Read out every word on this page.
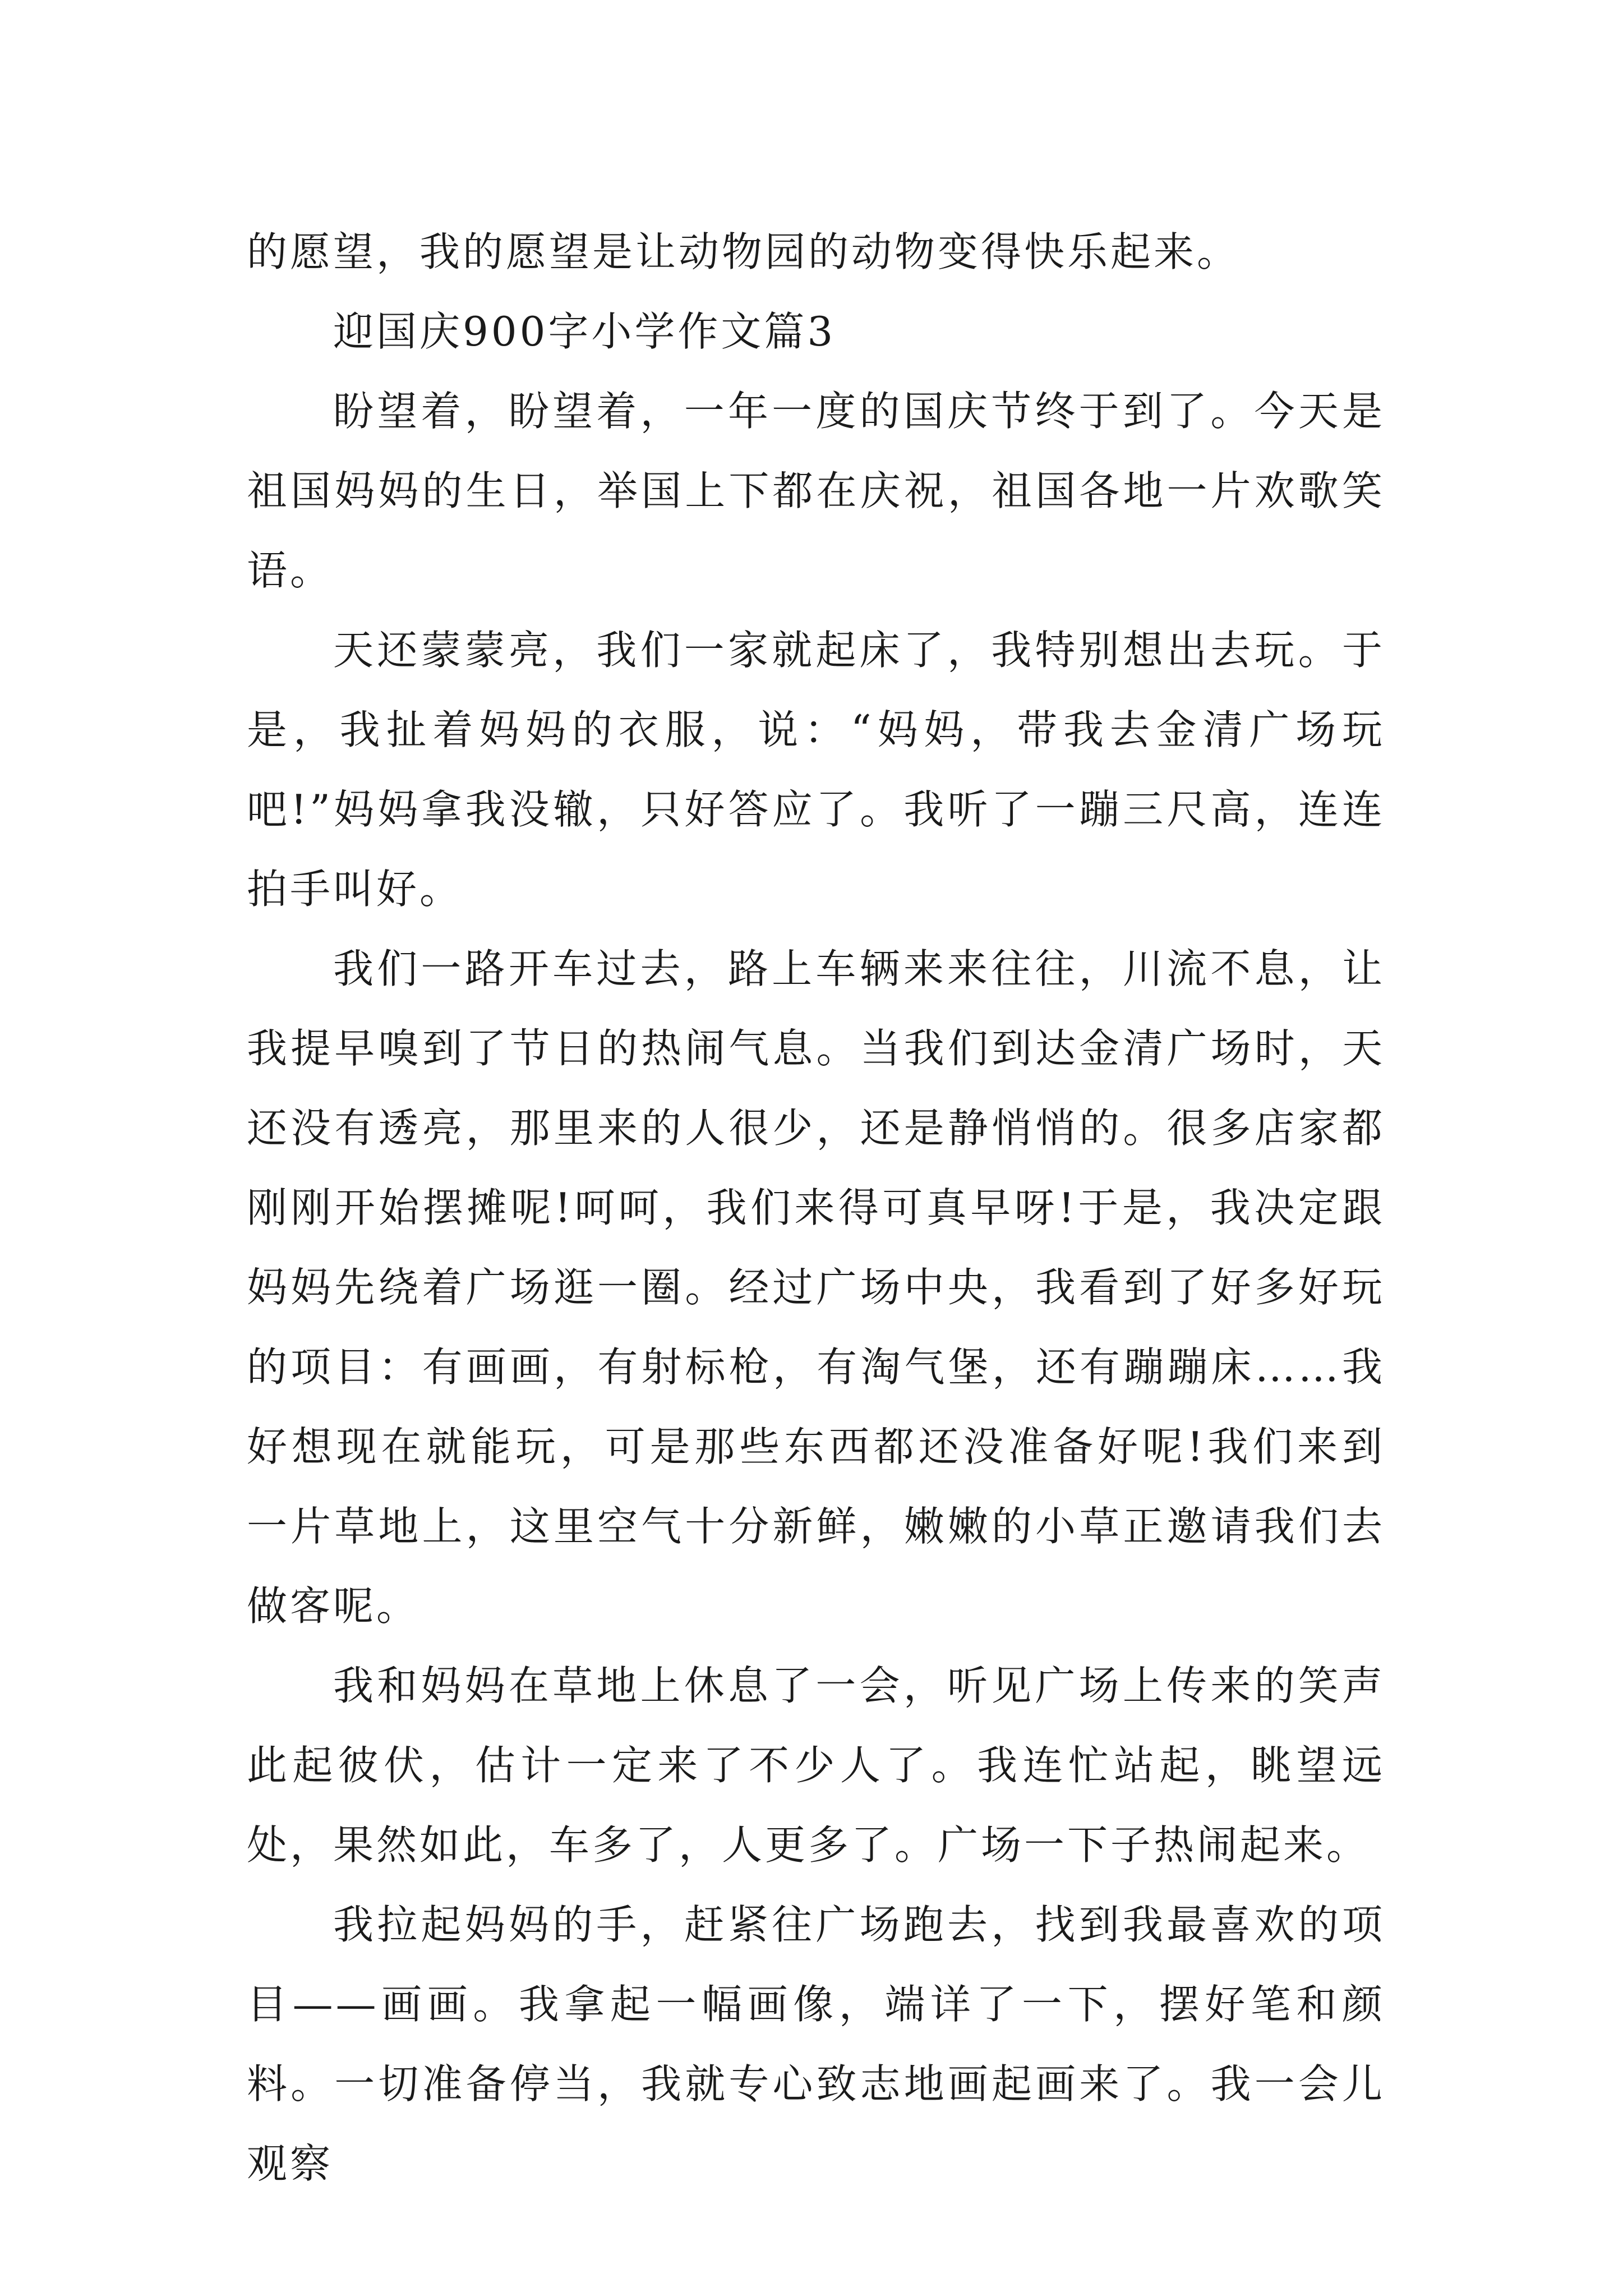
的愿望，我的愿望是让动物园的动物变得快乐起来。

迎国庆900字小学作文篇3

盼望着，盼望着，一年一度的国庆节终于到了。今天是祖国妈妈的生日，举国上下都在庆祝，祖国各地一片欢歌笑语。

天还蒙蒙亮，我们一家就起床了，我特别想出去玩。于是，我扯着妈妈的衣服，说：“妈妈，带我去金清广场玩吧!”妈妈拿我没辙，只好答应了。我听了一蹦三尺高，连连拍手叫好。

我们一路开车过去，路上车辆来来往往，川流不息，让我提早嗅到了节日的热闹气息。当我们到达金清广场时，天还没有透亮，那里来的人很少，还是静悄悄的。很多店家都刚刚开始摆摊呢!呵呵，我们来得可真早呀!于是，我决定跟妈妈先绕着广场逛一圈。经过广场中央，我看到了好多好玩的项目：有画画，有射标枪，有淘气堡，还有蹦蹦床……我好想现在就能玩，可是那些东西都还没准备好呢!我们来到一片草地上，这里空气十分新鲜，嫩嫩的小草正邀请我们去做客呢。

我和妈妈在草地上休息了一会，听见广场上传来的笑声此起彼伏，估计一定来了不少人了。我连忙站起，眺望远处，果然如此，车多了，人更多了。广场一下子热闹起来。

我拉起妈妈的手，赶紧往广场跑去，找到我最喜欢的项目——画画。我拿起一幅画像，端详了一下，摆好笔和颜料。一切准备停当，我就专心致志地画起画来了。我一会儿观察
